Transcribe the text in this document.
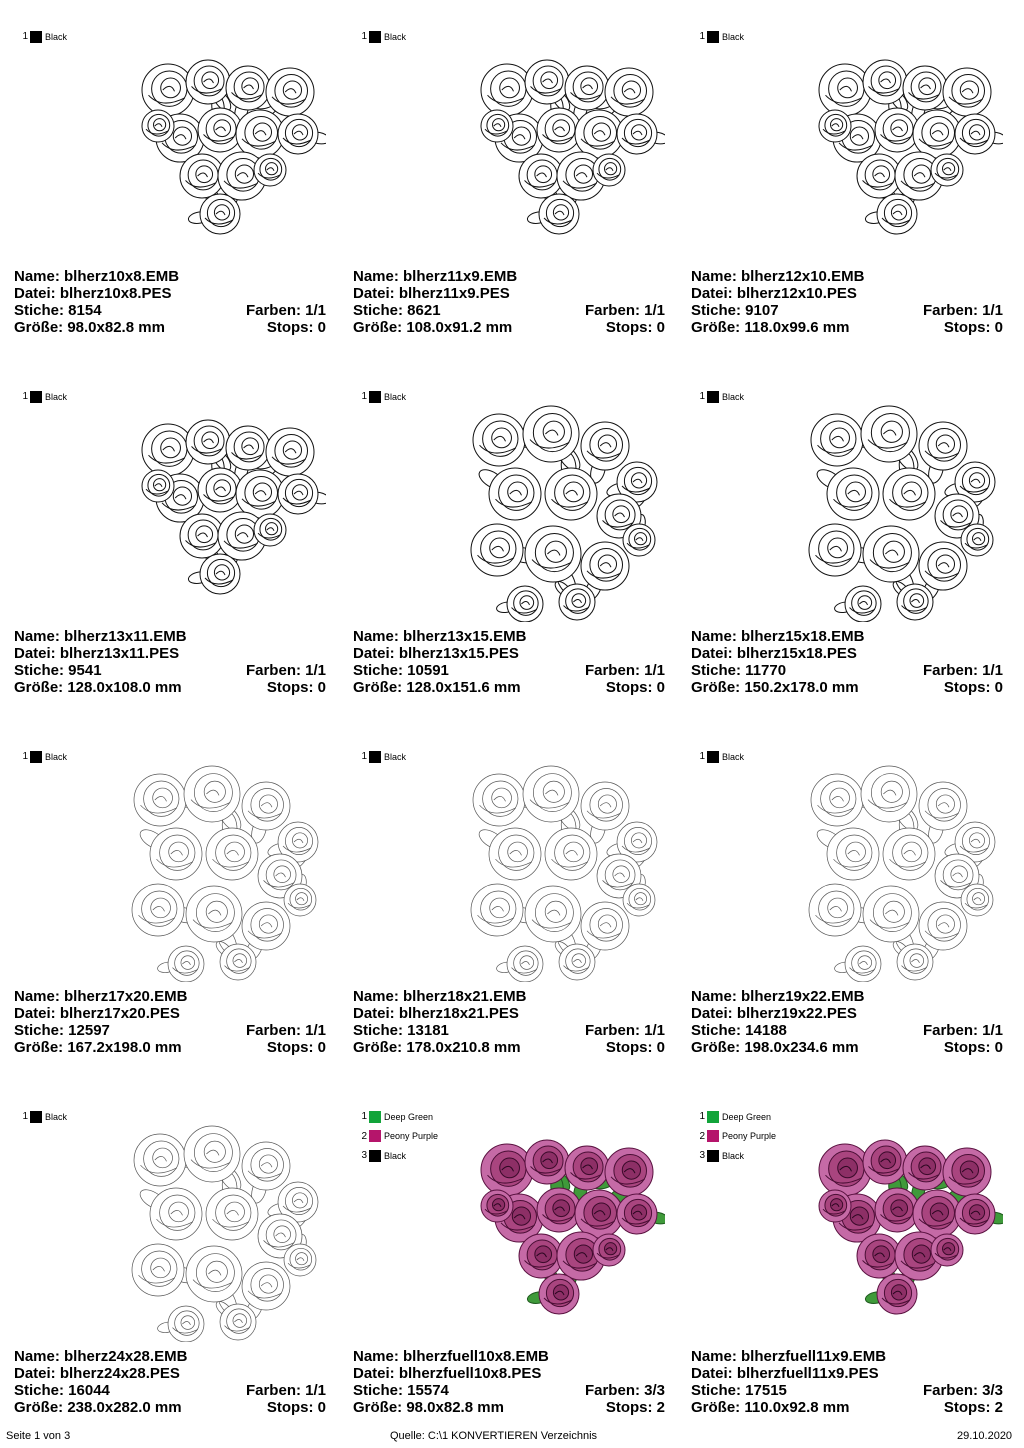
1 Black
Name: blherz10x8.EMB
Datei: blherz10x8.PES
Stiche: 8154	Farben: 1/1
Größe: 98.0x82.8 mm	Stops: 0
1 Black
Name: blherz11x9.EMB
Datei: blherz11x9.PES
Stiche: 8621	Farben: 1/1
Größe: 108.0x91.2 mm	Stops: 0
1 Black
Name: blherz12x10.EMB
Datei: blherz12x10.PES
Stiche: 9107	Farben: 1/1
Größe: 118.0x99.6 mm	Stops: 0
1 Black
Name: blherz13x11.EMB
Datei: blherz13x11.PES
Stiche: 9541	Farben: 1/1
Größe: 128.0x108.0 mm	Stops: 0
1 Black
Name: blherz13x15.EMB
Datei: blherz13x15.PES
Stiche: 10591	Farben: 1/1
Größe: 128.0x151.6 mm	Stops: 0
1 Black
Name: blherz15x18.EMB
Datei: blherz15x18.PES
Stiche: 11770	Farben: 1/1
Größe: 150.2x178.0 mm	Stops: 0
1 Black
Name: blherz17x20.EMB
Datei: blherz17x20.PES
Stiche: 12597	Farben: 1/1
Größe: 167.2x198.0 mm	Stops: 0
1 Black
Name: blherz18x21.EMB
Datei: blherz18x21.PES
Stiche: 13181	Farben: 1/1
Größe: 178.0x210.8 mm	Stops: 0
1 Black
Name: blherz19x22.EMB
Datei: blherz19x22.PES
Stiche: 14188	Farben: 1/1
Größe: 198.0x234.6 mm	Stops: 0
1 Black
Name: blherz24x28.EMB
Datei: blherz24x28.PES
Stiche: 16044	Farben: 1/1
Größe: 238.0x282.0 mm	Stops: 0
1 Deep Green
2 Peony Purple
3 Black
Name: blherzfuell10x8.EMB
Datei: blherzfuell10x8.PES
Stiche: 15574	Farben: 3/3
Größe: 98.0x82.8 mm	Stops: 2
1 Deep Green
2 Peony Purple
3 Black
Name: blherzfuell11x9.EMB
Datei: blherzfuell11x9.PES
Stiche: 17515	Farben: 3/3
Größe: 110.0x92.8 mm	Stops: 2
Seite 1 von 3	Quelle: C:\1 KONVERTIEREN Verzeichnis	29.10.2020
